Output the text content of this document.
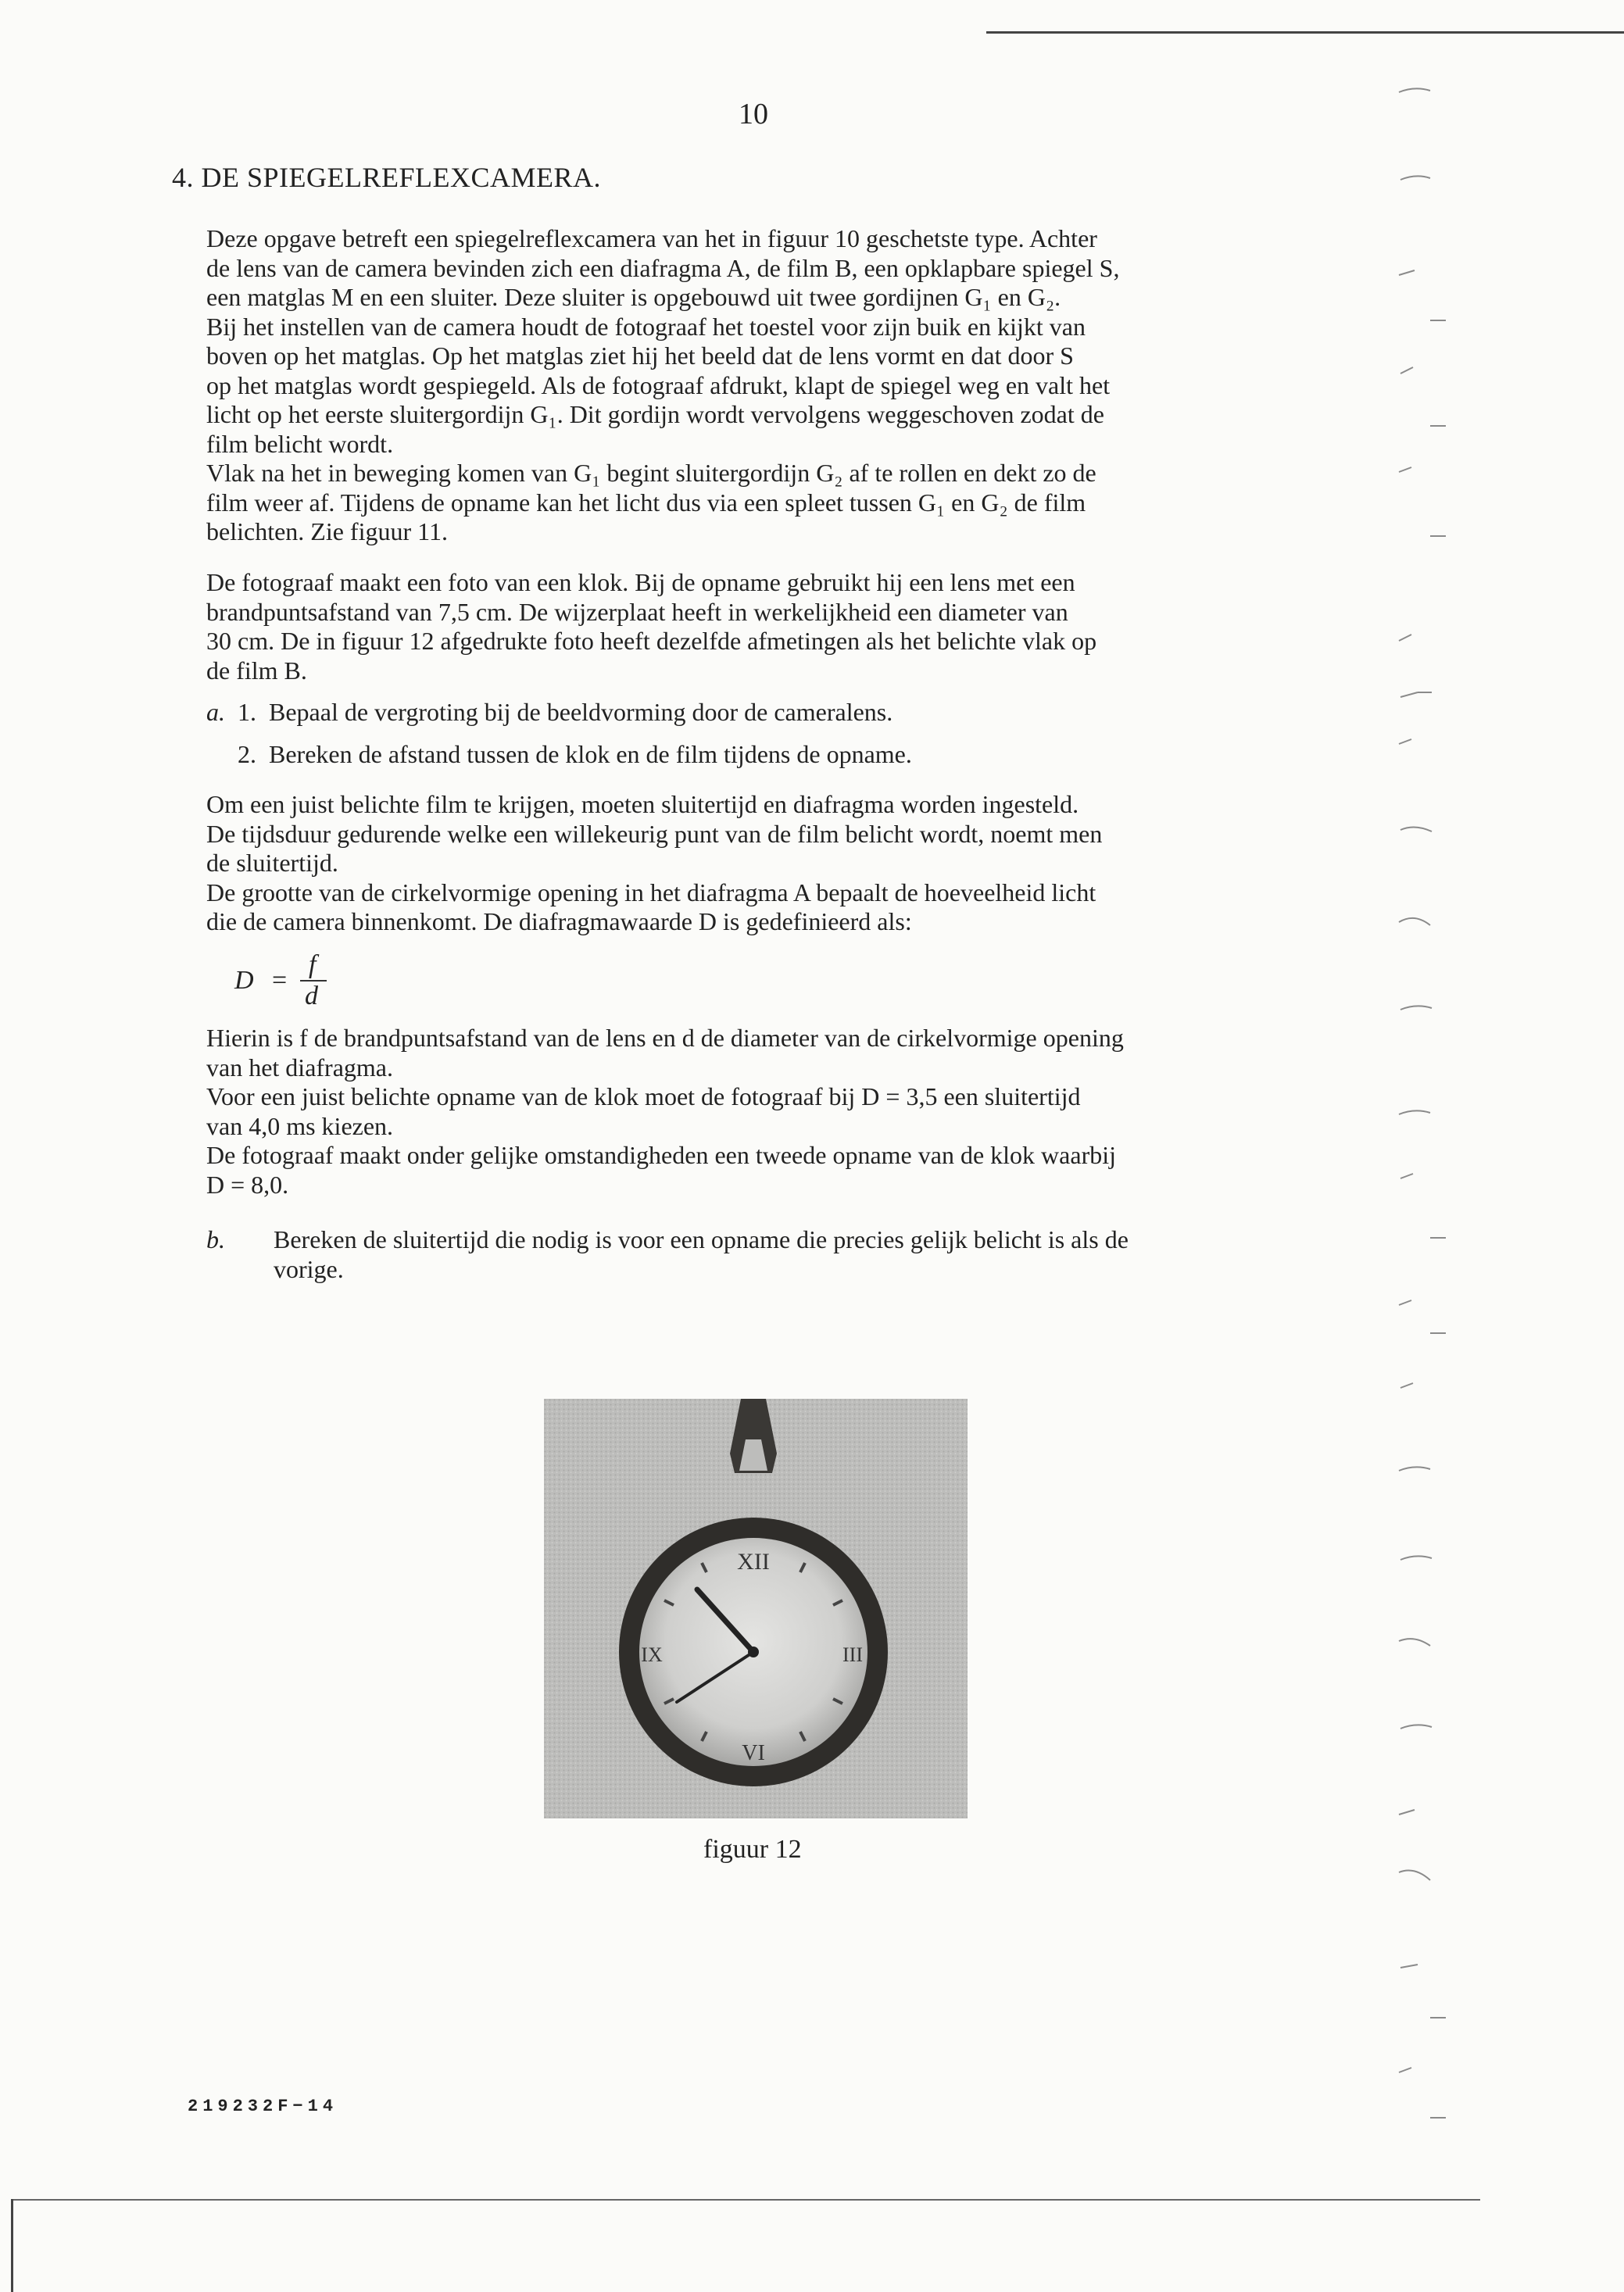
10
4. DE SPIEGELREFLEXCAMERA.

Deze opgave betreft een spiegelreflexcamera van het in figuur 10 geschetste type. Achter

de lens van de camera bevinden zich een diafragma A, de film B, een opklapbare spiegel S,

een matglas M en een sluiter. Deze sluiter is opgebouwd uit twee gordijnen G₁ en G₂.

Bij het instellen van de camera houdt de fotograaf het toestel voor zijn buik en kijkt van

boven op het matglas. Op het matglas ziet hij het beeld dat de lens vormt en dat door S

op het matglas wordt gespiegeld. Als de fotograaf afdrukt, klapt de spiegel weg en valt het

licht op het eerste sluitergordijn G₁. Dit gordijn wordt vervolgens weggeschoven zodat de

film belicht wordt.

Vlak na het in beweging komen van G₁ begint sluitergordijn G₂ af te rollen en dekt zo de

film weer af. Tijdens de opname kan het licht dus via een spleet tussen G₁ en G₂ de film

belichten. Zie figuur 11.

De fotograaf maakt een foto van een klok. Bij de opname gebruikt hij een lens met een

brandpuntsafstand van 7,5 cm. De wijzerplaat heeft in werkelijkheid een diameter van

30 cm. De in figuur 12 afgedrukte foto heeft dezelfde afmetingen als het belichte vlak op

de film B.

a. 1. Bepaal de vergroting bij de beeldvorming door de cameralens.
2. Bereken de afstand tussen de klok en de film tijdens de opname.

Om een juist belichte film te krijgen, moeten sluitertijd en diafragma worden ingesteld.

De tijdsduur gedurende welke een willekeurig punt van de film belicht wordt, noemt men

de sluitertijd.

De grootte van de cirkelvormige opening in het diafragma A bepaalt de hoeveelheid licht

die de camera binnenkomt. De diafragmawaarde D is gedefinieerd als:

D =
f
d

Hierin is f de brandpuntsafstand van de lens en d de diameter van de cirkelvormige opening

van het diafragma.

Voor een juist belichte opname van de klok moet de fotograaf bij D = 3,5 een sluitertijd

van 4,0 ms kiezen.

De fotograaf maakt onder gelijke omstandigheden een tweede opname van de klok waarbij

D = 8,0.

b.	Bereken de sluitertijd die nodig is voor een opname die precies gelijk belicht is als de
vorige.
XII
III
VI
IX
figuur 12
219232F−14
